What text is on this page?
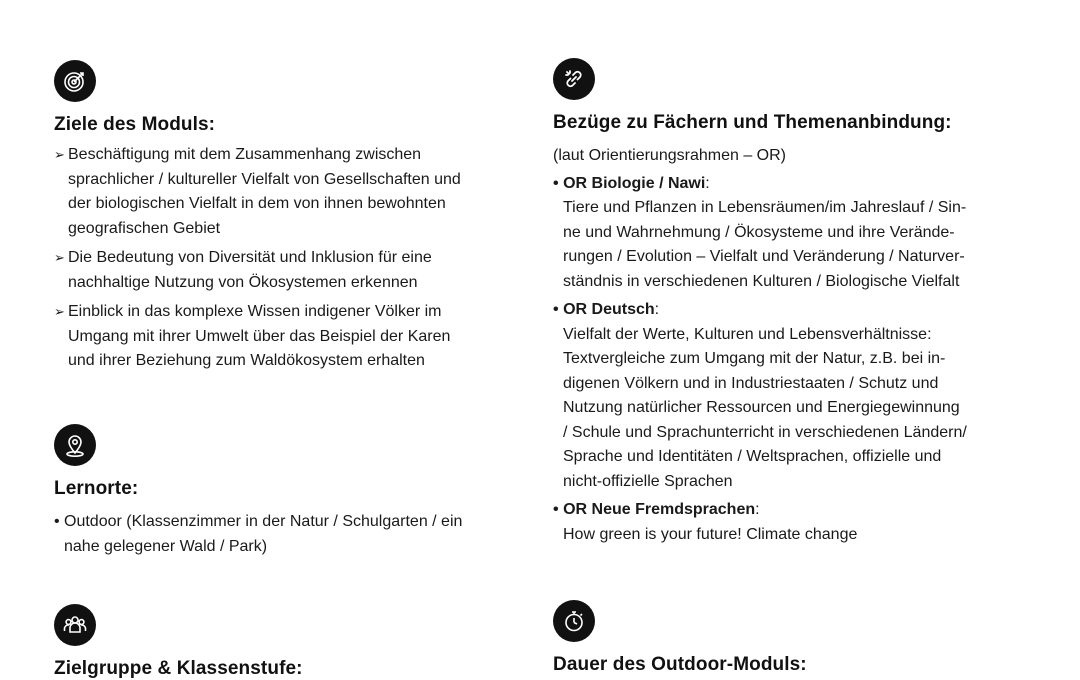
Ziele des Moduls:
➢ Beschäftigung mit dem Zusammenhang zwischen
sprachlicher / kultureller Vielfalt von Gesellschaften und
der biologischen Vielfalt in dem von ihnen bewohnten
geografischen Gebiet
➢ Die Bedeutung von Diversität und Inklusion für eine
nachhaltige Nutzung von Ökosystemen erkennen
➢ Einblick in das komplexe Wissen indigener Völker im
Umgang mit ihrer Umwelt über das Beispiel der Karen
und ihrer Beziehung zum Waldökosystem erhalten
Lernorte:
• Outdoor (Klassenzimmer in der Natur / Schulgarten / ein
nahe gelegener Wald / Park)
Zielgruppe & Klassenstufe:
Bezüge zu Fächern und Themenanbindung:
(laut Orientierungsrahmen – OR)
• OR Biologie / Nawi:
Tiere und Pflanzen in Lebensräumen/im Jahreslauf / Sin-
ne und Wahrnehmung / Ökosysteme und ihre Verände-
rungen / Evolution – Vielfalt und Veränderung / Naturver-
ständnis in verschiedenen Kulturen / Biologische Vielfalt
• OR Deutsch:
Vielfalt der Werte, Kulturen und Lebensverhältnisse:
Textvergleiche zum Umgang mit der Natur, z.B. bei in-
digenen Völkern und in Industriestaaten / Schutz und
Nutzung natürlicher Ressourcen und Energiegewinnung
/ Schule und Sprachunterricht in verschiedenen Ländern/
Sprache und Identitäten / Weltsprachen, offizielle und
nicht-offizielle Sprachen
• OR Neue Fremdsprachen:
How green is your future! Climate change
Dauer des Outdoor-Moduls:
